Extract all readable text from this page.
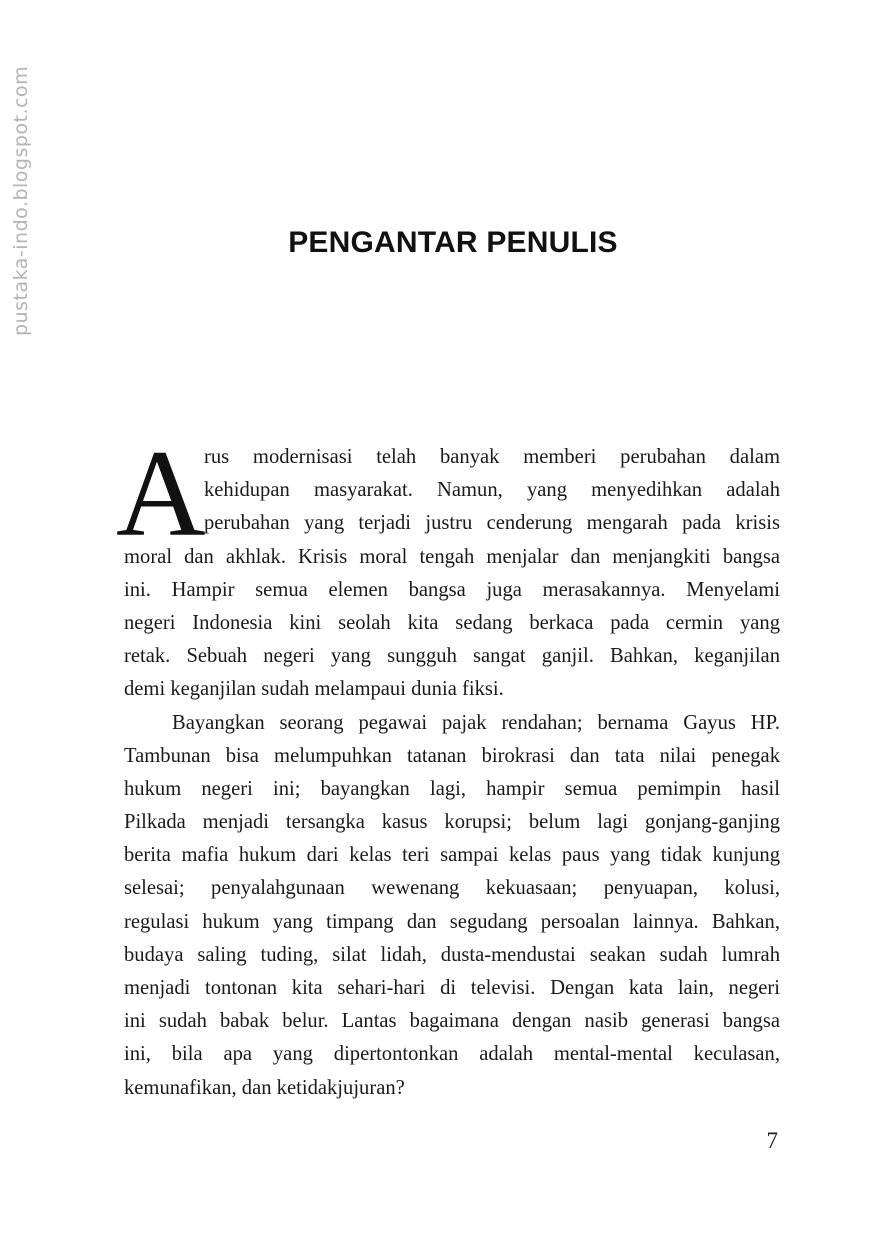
pustaka-indo.blogspot.com	PENGANTAR PENULIS
A
rus modernisasi telah banyak memberi perubahan dalam
kehidupan masyarakat. Namun, yang menyedihkan adalah
perubahan yang terjadi justru cenderung mengarah pada krisis
moral dan akhlak. Krisis moral tengah menjalar dan menjangkiti bangsa
ini. Hampir semua elemen bangsa juga merasakannya. Menyelami
negeri Indonesia kini seolah kita sedang berkaca pada cermin yang
retak. Sebuah negeri yang sungguh sangat ganjil. Bahkan, keganjilan
demi keganjilan sudah melampaui dunia fiksi.
Bayangkan seorang pegawai pajak rendahan; bernama Gayus HP.
Tambunan bisa melumpuhkan tatanan birokrasi dan tata nilai penegak
hukum negeri ini; bayangkan lagi, hampir semua pemimpin hasil
Pilkada menjadi tersangka kasus korupsi; belum lagi gonjang-ganjing
berita mafia hukum dari kelas teri sampai kelas paus yang tidak kunjung
selesai; penyalahgunaan wewenang kekuasaan; penyuapan, kolusi,
regulasi hukum yang timpang dan segudang persoalan lainnya. Bahkan,
budaya saling tuding, silat lidah, dusta-mendustai seakan sudah lumrah
menjadi tontonan kita sehari-hari di televisi. Dengan kata lain, negeri
ini sudah babak belur. Lantas bagaimana dengan nasib generasi bangsa
ini, bila apa yang dipertontonkan adalah mental-mental keculasan,
kemunafikan, dan ketidakjujuran?
7
